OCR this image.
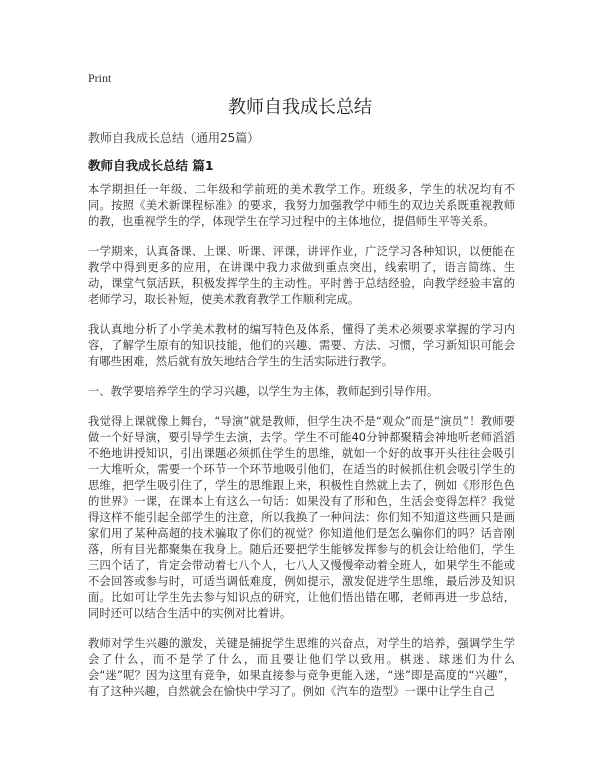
Print
教师自我成长总结
教师自我成长总结（通用25篇）
教师自我成长总结 篇1

本学期担任一年级、二年级和学前班的美术教学工作。班级多，学生的状况均有不同。按照《美术新课程标准》的要求，我努力加强教学中师生的双边关系既重视教师的教，也重视学生的学，体现学生在学习过程中的主体地位，提倡师生平等关系。

一学期来，认真备课、上课、听课、评课，讲评作业，广泛学习各种知识，以便能在教学中得到更多的应用，在讲课中我力求做到重点突出，线索明了，语言简练、生动，课堂气氛活跃，积极发挥学生的主动性。平时善于总结经验，向教学经验丰富的老师学习，取长补短，使美术教育教学工作顺利完成。

我认真地分析了小学美术教材的编写特色及体系，懂得了美术必须要求掌握的学习内容，了解学生原有的知识技能，他们的兴趣、需要、方法、习惯，学习新知识可能会有哪些困难，然后就有放矢地结合学生的生活实际进行教学。

一、教学要培养学生的学习兴趣，以学生为主体，教师起到引导作用。

我觉得上课就像上舞台，“导演”就是教师，但学生决不是“观众”而是“演员”！教师要做一个好导演，要引导学生去演，去学。学生不可能40分钟都聚精会神地听老师滔滔不绝地讲授知识，引出课题必须抓住学生的思维，就如一个好的故事开头往往会吸引一大堆听众，需要一个环节一个环节地吸引他们，在适当的时候抓住机会吸引学生的思维，把学生吸引住了，学生的思维跟上来，积极性自然就上去了，例如《形形色色的世界》一课，在课本上有这么一句话：如果没有了形和色，生活会变得怎样？我觉得这样不能引起全部学生的注意，所以我换了一种问法：你们知不知道这些画只是画家们用了某种高超的技术骗取了你们的视觉？你知道他们是怎么骗你们的吗？话音刚落，所有目光都聚集在我身上。随后还要把学生能够发挥参与的机会让给他们，学生三四个话了，肯定会带动着七八个人，七八人又慢慢牵动着全班人，如果学生不能或不会回答或参与时，可适当调低难度，例如提示，激发促进学生思维，最后涉及知识面。比如可让学生先去参与知识点的研究，让他们悟出错在哪，老师再进一步总结，同时还可以结合生活中的实例对比着讲。

教师对学生兴趣的激发，关键是捕捉学生思维的兴奋点，对学生的培养，强调学生学会了什么，而不是学了什么，而且要让他们学以致用。棋迷、球迷们为什么会“迷”呢？因为这里有竞争，如果直接参与竞争更能入迷，“迷”即是高度的“兴趣”，有了这种兴趣，自然就会在愉快中学习了。例如《汽车的造型》一课中让学生自己
